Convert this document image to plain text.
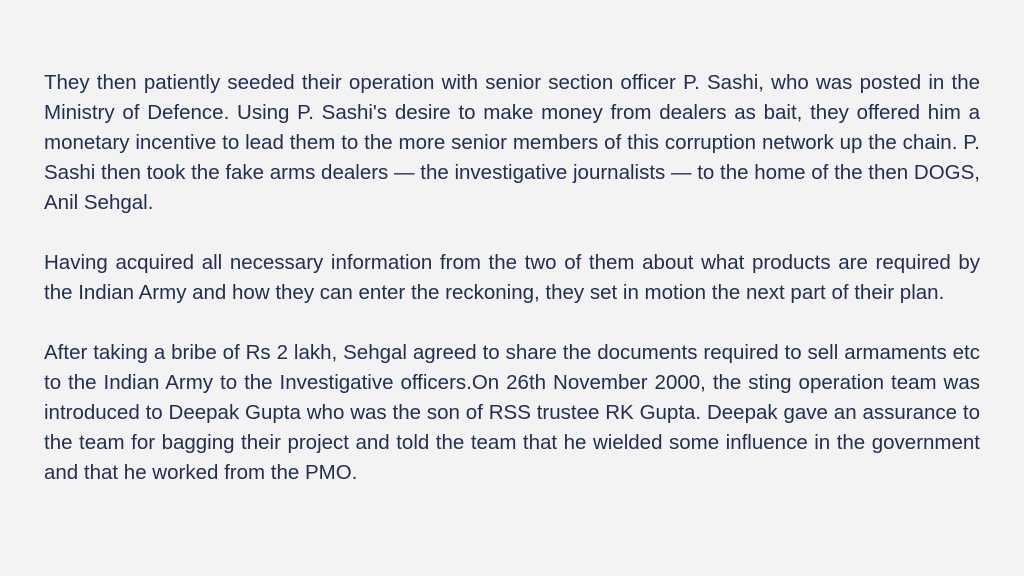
They then patiently seeded their operation with senior section officer P. Sashi, who was posted in the Ministry of Defence. Using P. Sashi's desire to make money from dealers as bait, they offered him a monetary incentive to lead them to the more senior members of this corruption network up the chain. P. Sashi then took the fake arms dealers — the investigative journalists — to the home of the then DOGS, Anil Sehgal.

Having acquired all necessary information from the two of them about what products are required by the Indian Army and how they can enter the reckoning, they set in motion the next part of their plan.

After taking a bribe of Rs 2 lakh, Sehgal agreed to share the documents required to sell armaments etc to the Indian Army to the Investigative officers.On 26th November 2000, the sting operation team was introduced to Deepak Gupta who was the son of RSS trustee RK Gupta. Deepak gave an assurance to the team for bagging their project and told the team that he wielded some influence in the government and that he worked from the PMO.
